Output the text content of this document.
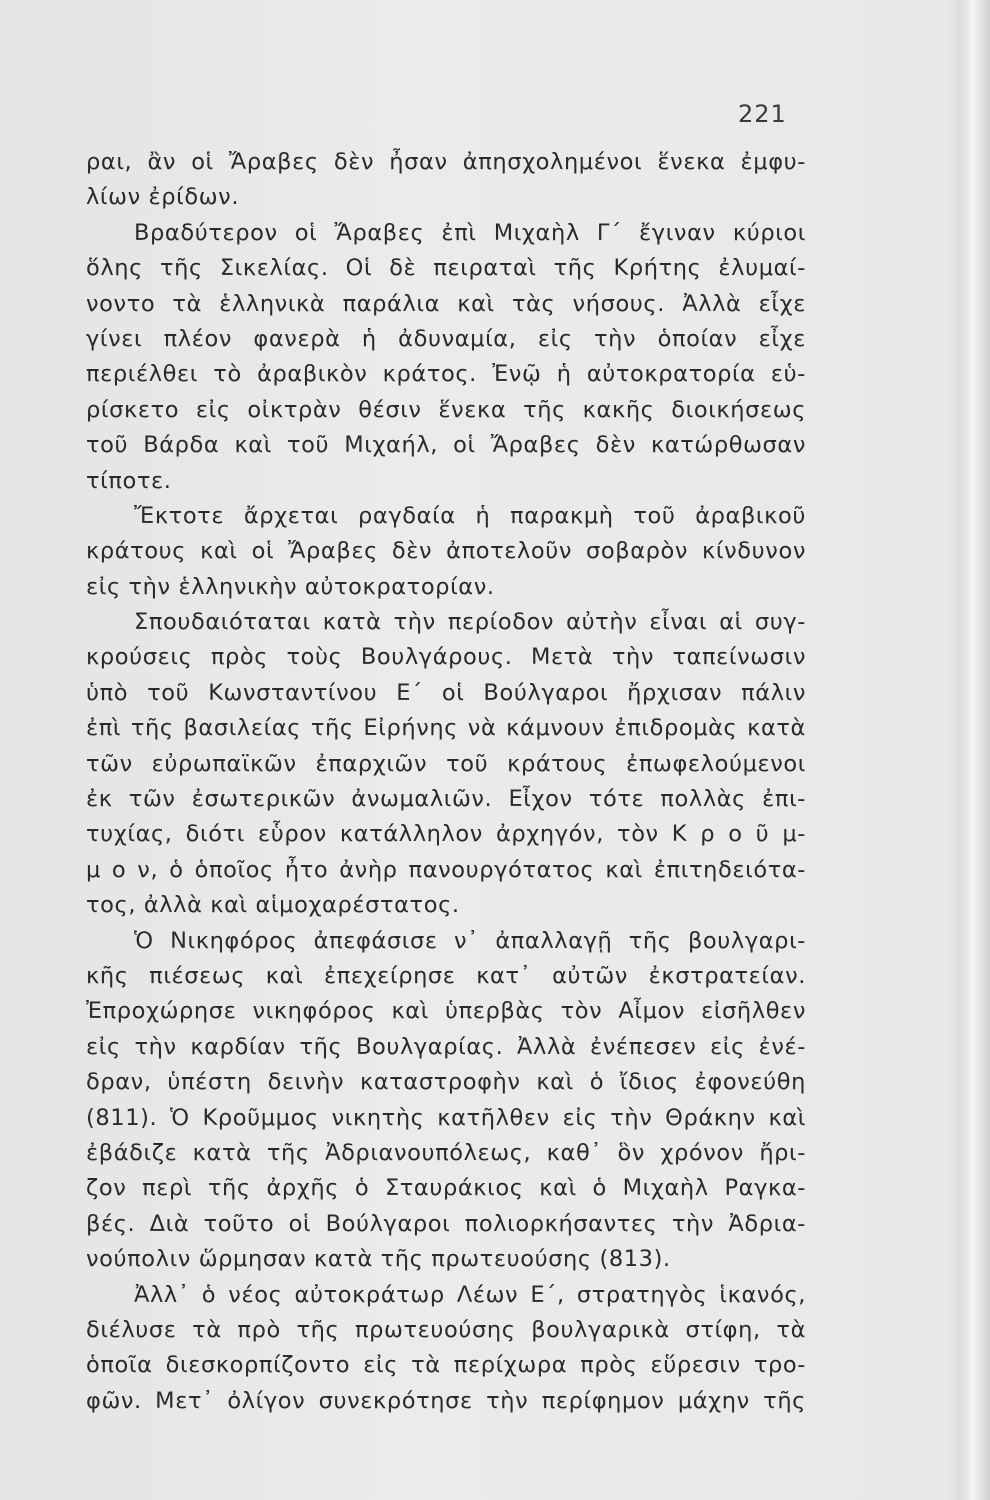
221
ραι, ἂν οἱ Ἄραβες δὲν ἦσαν ἀπησχολημένοι ἕνεκα ἐμφυ-
λίων ἐρίδων.
Βραδύτερον οἱ Ἄραβες ἐπὶ Μιχαὴλ Γ΄ ἔγιναν κύριοι
ὅλης τῆς Σικελίας. Οἱ δὲ πειραταὶ τῆς Κρήτης ἐλυμαί-
νοντο τὰ ἑλληνικὰ παράλια καὶ τὰς νήσους. Ἀλλὰ εἶχε
γίνει πλέον φανερὰ ἡ ἀδυναμία, εἰς τὴν ὁποίαν εἶχε
περιέλθει τὸ ἀραβικὸν κράτος. Ἐνῷ ἡ αὐτοκρατορία εὑ-
ρίσκετο εἰς οἰκτρὰν θέσιν ἕνεκα τῆς κακῆς διοικήσεως
τοῦ Βάρδα καὶ τοῦ Μιχαήλ, οἱ Ἄραβες δὲν κατώρθωσαν
τίποτε.
Ἔκτοτε ἄρχεται ραγδαία ἡ παρακμὴ τοῦ ἀραβικοῦ
κράτους καὶ οἱ Ἄραβες δὲν ἀποτελοῦν σοβαρὸν κίνδυνον
εἰς τὴν ἑλληνικὴν αὐτοκρατορίαν.
Σπουδαιόταται κατὰ τὴν περίοδον αὐτὴν εἶναι αἱ συγ-
κρούσεις πρὸς τοὺς Βουλγάρους. Μετὰ τὴν ταπείνωσιν
ὑπὸ τοῦ Κωνσταντίνου Ε΄ οἱ Βούλγαροι ἤρχισαν πάλιν
ἐπὶ τῆς βασιλείας τῆς Εἰρήνης νὰ κάμνουν ἐπιδρομὰς κατὰ
τῶν εὐρωπαϊκῶν ἐπαρχιῶν τοῦ κράτους ἐπωφελούμενοι
ἐκ τῶν ἐσωτερικῶν ἀνωμαλιῶν. Εἶχον τότε πολλὰς ἐπι-
τυχίας, διότι εὗρον κατάλληλον ἀρχηγόν, τὸν Κ ρ ο ῦ μ-
μ ο ν, ὁ ὁποῖος ἦτο ἀνὴρ πανουργότατος καὶ ἐπιτηδειότα-
τος, ἀλλὰ καὶ αἱμοχαρέστατος.
Ὁ Νικηφόρος ἀπεφάσισε ν᾽ ἀπαλλαγῇ τῆς βουλγαρι-
κῆς πιέσεως καὶ ἐπεχείρησε κατ᾽ αὐτῶν ἐκστρατείαν.
Ἐπροχώρησε νικηφόρος καὶ ὑπερβὰς τὸν Αἶμον εἰσῆλθεν
εἰς τὴν καρδίαν τῆς Βουλγαρίας. Ἀλλὰ ἐνέπεσεν εἰς ἐνέ-
δραν, ὑπέστη δεινὴν καταστροφὴν καὶ ὁ ἴδιος ἐφονεύθη
(811). Ὁ Κροῦμμος νικητὴς κατῆλθεν εἰς τὴν Θράκην καὶ
ἐβάδιζε κατὰ τῆς Ἀδριανουπόλεως, καθ᾽ ὃν χρόνον ἤρι-
ζον περὶ τῆς ἀρχῆς ὁ Σταυράκιος καὶ ὁ Μιχαὴλ Ραγκα-
βές. Διὰ τοῦτο οἱ Βούλγαροι πολιορκήσαντες τὴν Ἀδρια-
νούπολιν ὥρμησαν κατὰ τῆς πρωτευούσης (813).
Ἀλλ᾽ ὁ νέος αὐτοκράτωρ Λέων Ε΄, στρατηγὸς ἱκανός,
διέλυσε τὰ πρὸ τῆς πρωτευούσης βουλγαρικὰ στίφη, τὰ
ὁποῖα διεσκορπίζοντο εἰς τὰ περίχωρα πρὸς εὕρεσιν τρο-
φῶν. Μετ᾽ ὀλίγον συνεκρότησε τὴν περίφημον μάχην τῆς
